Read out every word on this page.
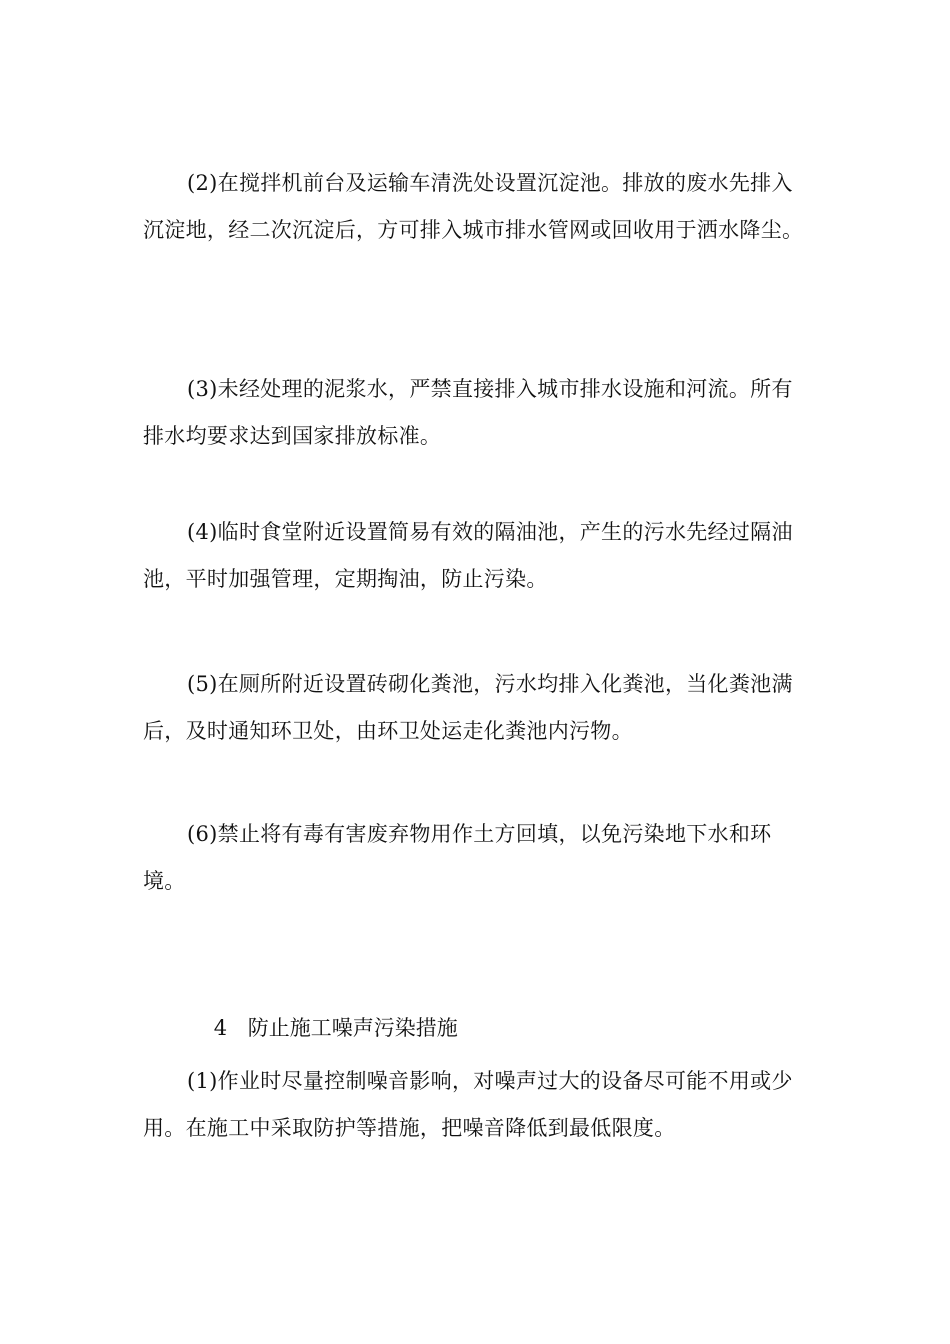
(2)在搅拌机前台及运输车清洗处设置沉淀池。排放的废水先排入沉淀地，经二次沉淀后，方可排入城市排水管网或回收用于洒水降尘。

(3)未经处理的泥浆水，严禁直接排入城市排水设施和河流。所有排水均要求达到国家排放标准。

(4)临时食堂附近设置简易有效的隔油池，产生的污水先经过隔油池，平时加强管理，定期掏油，防止污染。

(5)在厕所附近设置砖砌化粪池，污水均排入化粪池，当化粪池满后，及时通知环卫处，由环卫处运走化粪池内污物。

(6)禁止将有毒有害废弃物用作土方回填，以免污染地下水和环境。

4 防止施工噪声污染措施

(1)作业时尽量控制噪音影响，对噪声过大的设备尽可能不用或少用。在施工中采取防护等措施，把噪音降低到最低限度。
